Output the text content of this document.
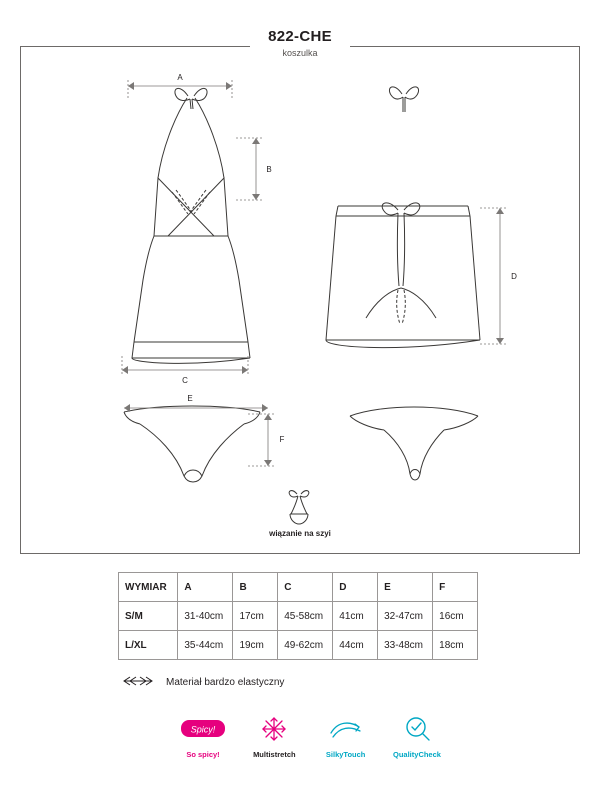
822-CHE
koszulka
A
B
C
D
E
F
wiązanie na szyi
WYMIAR	A	B	C	D	E	F
S/M	31-40cm	17cm	45-58cm	41cm	32-47cm	16cm
L/XL	35-44cm	19cm	49-62cm	44cm	33-48cm	18cm
Materiał bardzo elastyczny
Spicy!
So spicy!	Multistretch	SilkyTouch	QualityCheck
